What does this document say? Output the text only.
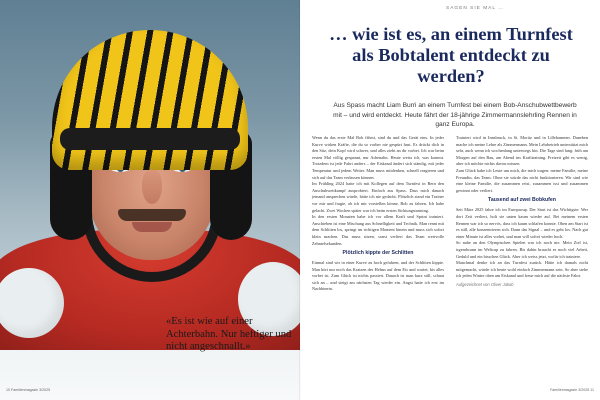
«Es ist wie auf einer Achterbahn. Nur heftiger und nicht angeschnallt.»
SAGEN SIE MAL …
… wie ist es, an einem Turnfest als Bobtalent entdeckt zu werden?
Aus Spass macht Liam Burri an einem Turnfest bei einem Bob-Anschubwettbewerb mit – und wird entdeckt. Heute fährt der 18-jährige Zimmermannslehrling Rennen in ganz Europa.

Wenn du das erste Mal Bob fährst, sind du und das Gerät eins. In jeder Kurve wirken Kräfte, die du so vorher nie gespürt hast. Es drückt dich in den Sitz, dein Kopf wird schwer, und alles zieht an dir vorbei. Ich war beim ersten Mal völlig gespannt, nur Adrenalin. Heute weiss ich, was kommt. Trotzdem ist jede Fahrt anders – der Eiskanal ändert sich ständig, mit jeder Temperatur und jedem Wetter. Man muss mitdenken, schnell reagieren und sich auf das Team verlassen können.

Im Frühling 2024 hatte ich mit Kollegen auf dem Turnfest in Bern den Anschubwettkampf ausprobiert. Einfach aus Spass. Dass mich danach jemand ansprechen würde, hätte ich nie gedacht. Plötzlich stand ein Trainer vor mir und fragte, ob ich mir vorstellen könne, Bob zu fahren. Ich habe gelacht. Zwei Wochen später war ich beim ersten Sichtungstraining.

In den ersten Monaten habe ich vor allem Kraft und Sprint trainiert. Anschieben ist eine Mischung aus Schnelligkeit und Technik. Man rennt mit dem Schlitten los, springt im richtigen Moment hinein und muss sich sofort klein machen. Das muss sitzen, sonst verliert das Team wertvolle Zehntelsekunden.

Plötzlich kippte der Schlitten

Einmal sind wir in einer Kurve zu hoch gefahren, und der Schlitten kippte. Man hört nur noch das Kratzen des Helms auf dem Eis und wartet, bis alles vorbei ist. Zum Glück ist nichts passiert. Danach ist man kurz still, schaut sich an – und steigt am nächsten Tag wieder ein. Angst hatte ich erst im Nachhinein.

Trainiert wird in Innsbruck, in St. Moritz und in Lillehammer. Daneben mache ich meine Lehre als Zimmermann. Mein Lehrbetrieb unterstützt mich sehr, auch wenn ich wochenlang unterwegs bin. Die Tage sind lang: früh am Morgen auf den Bau, am Abend ins Krafttraining. Freizeit gibt es wenig, aber ich möchte nichts davon missen.

Zum Glück habe ich Leute um mich, die mich tragen: meine Familie, meine Freundin, das Team. Ohne sie würde das nicht funktionieren. Wir sind wie eine kleine Familie, die zusammen reist, zusammen isst und zusammen gewinnt oder verliert.

Tausend auf zwei Bobkufen

Seit März 2025 fahre ich im Europacup. Der Start ist das Wichtigste: Wer dort Zeit verliert, holt sie unten kaum wieder auf. Bei meinem ersten Rennen war ich so nervös, dass ich kaum schlafen konnte. Oben am Start ist es still, alle konzentrieren sich. Dann das Signal – und es geht los. Nach gut einer Minute ist alles vorbei, und man will sofort wieder hoch.

So nahe an den Olympischen Spielen war ich noch nie. Mein Ziel ist, irgendwann im Weltcup zu fahren. Bis dahin braucht es noch viel Arbeit, Geduld und ein bisschen Glück. Aber ich weiss jetzt, wofür ich trainiere.

Manchmal denke ich an das Turnfest zurück. Hätte ich damals nicht mitgemacht, würde ich heute wohl einfach Zimmermann sein. So aber stehe ich jeden Winter oben am Eiskanal und freue mich auf die nächste Fahrt.

Aufgezeichnet von Oliver Jakob
10 Familienmagazin 3/2025	Familienmagazin 3/2025 11
